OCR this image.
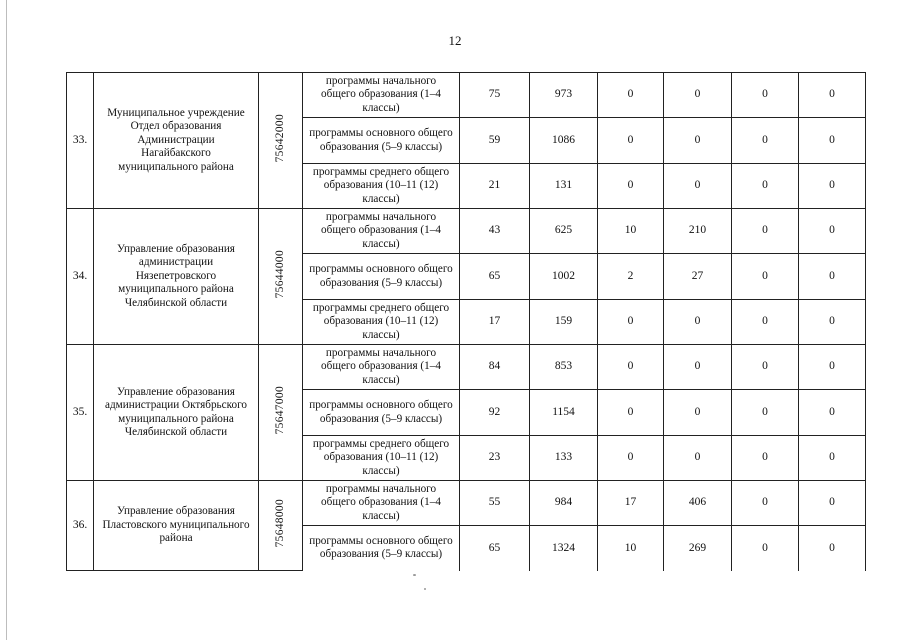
12
33.	Муниципальное учреждение Отдел образования Администрации Нагайбакского муниципального района	75642000	программы начального общего образования (1–4 классы)	75	973	0	0	0	0
			программы основного общего образования (5–9 классы)	59	1086	0	0	0	0
			программы среднего общего образования (10–11 (12) классы)	21	131	0	0	0	0
34.	Управление образования администрации Нязепетровского муниципального района Челябинской области	75644000	программы начального общего образования (1–4 классы)	43	625	10	210	0	0
			программы основного общего образования (5–9 классы)	65	1002	2	27	0	0
			программы среднего общего образования (10–11 (12) классы)	17	159	0	0	0	0
35.	Управление образования администрации Октябрьского муниципального района Челябинской области	75647000	программы начального общего образования (1–4 классы)	84	853	0	0	0	0
			программы основного общего образования (5–9 классы)	92	1154	0	0	0	0
			программы среднего общего образования (10–11 (12) классы)	23	133	0	0	0	0
36.	Управление образования Пластовского муниципального района	75648000	программы начального общего образования (1–4 классы)	55	984	17	406	0	0
			программы основного общего образования (5–9 классы)	65	1324	10	269	0	0
